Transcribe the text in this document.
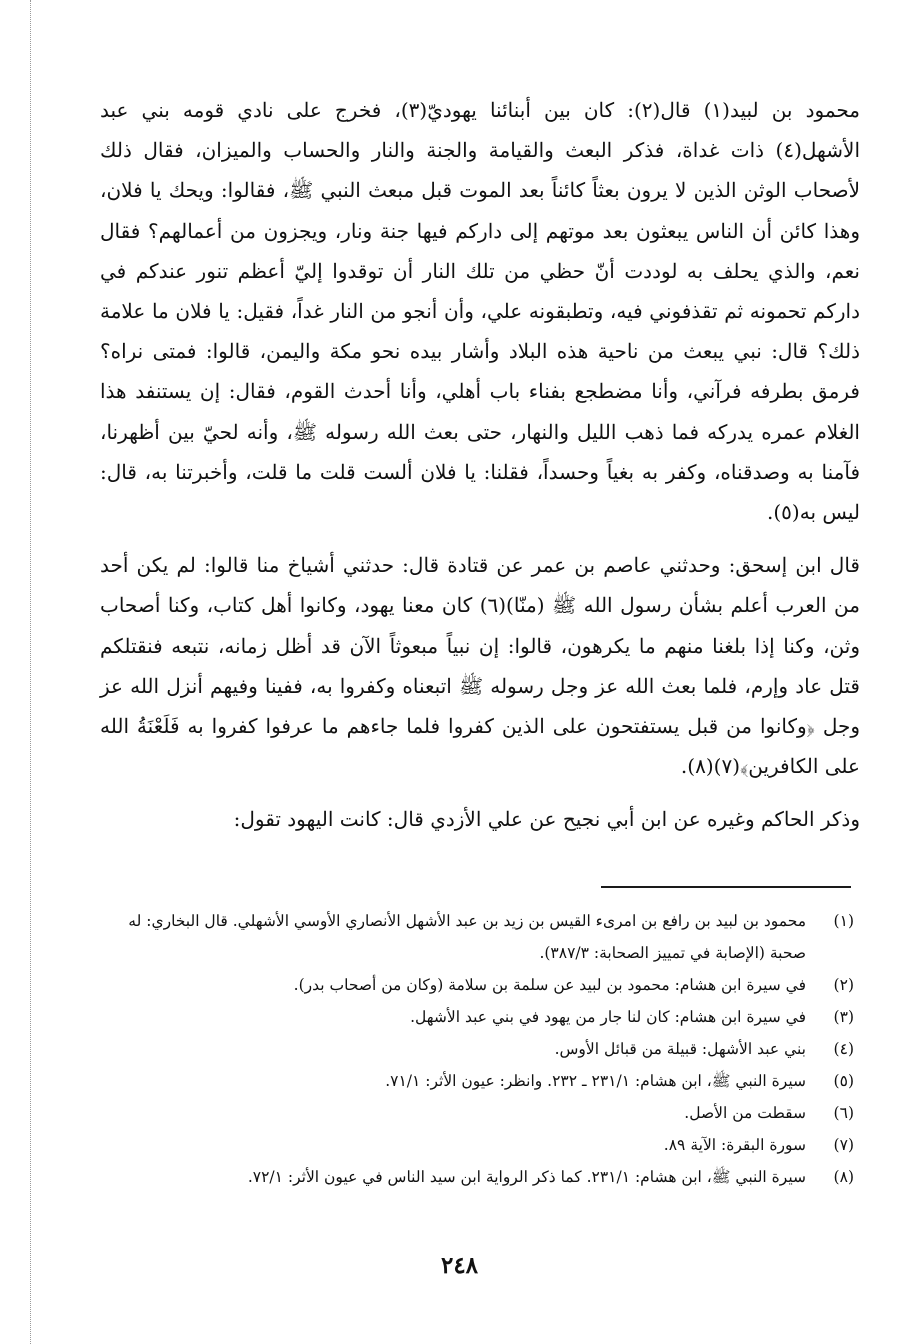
محمود بن لبيد(١) قال(٢): كان بين أبنائنا يهوديّ(٣)، فخرج على نادي قومه بني عبد الأشهل(٤) ذات غداة، فذكر البعث والقيامة والجنة والنار والحساب والميزان، فقال ذلك لأصحاب الوثن الذين لا يرون بعثاً كائناً بعد الموت قبل مبعث النبي ﷺ، فقالوا: ويحك يا فلان، وهذا كائن أن الناس يبعثون بعد موتهم إلى داركم فيها جنة ونار، ويجزون من أعمالهم؟ فقال نعم، والذي يحلف به لوددت أنّ حظي من تلك النار أن توقدوا إليّ أعظم تنور عندكم في داركم تحمونه ثم تقذفوني فيه، وتطبقونه علي، وأن أنجو من النار غداً، فقيل: يا فلان ما علامة ذلك؟ قال: نبي يبعث من ناحية هذه البلاد وأشار بيده نحو مكة واليمن، قالوا: فمتى نراه؟ فرمق بطرفه فرآني، وأنا مضطجع بفناء باب أهلي، وأنا أحدث القوم، فقال: إن يستنفد هذا الغلام عمره يدركه فما ذهب الليل والنهار، حتى بعث الله رسوله ﷺ، وأنه لحيّ بين أظهرنا، فآمنا به وصدقناه، وكفر به بغياً وحسداً، فقلنا: يا فلان ألست قلت ما قلت، وأخبرتنا به، قال: ليس به(٥).

قال ابن إسحق: وحدثني عاصم بن عمر عن قتادة قال: حدثني أشياخ منا قالوا: لم يكن أحد من العرب أعلم بشأن رسول الله ﷺ (منّا)(٦) كان معنا يهود، وكانوا أهل كتاب، وكنا أصحاب وثن، وكنا إذا بلغنا منهم ما يكرهون، قالوا: إن نبياً مبعوثاً الآن قد أظل زمانه، نتبعه فنقتلكم قتل عاد وإرم، فلما بعث الله عز وجل رسوله ﷺ اتبعناه وكفروا به، ففينا وفيهم أنزل الله عز وجل ﴿وكانوا من قبل يستفتحون على الذين كفروا فلما جاءهم ما عرفوا كفروا به فَلَعْنَةُ الله على الكافرين﴾(٧)(٨).

وذكر الحاكم وغيره عن ابن أبي نجيح عن علي الأزدي قال: كانت اليهود تقول:

(١)
محمود بن لبيد بن رافع بن امرىء القيس بن زيد بن عبد الأشهل الأنصاري الأوسي الأشهلي. قال البخاري: له صحبة (الإصابة في تمييز الصحابة: ٣٨٧/٣).
(٢)
في سيرة ابن هشام: محمود بن لبيد عن سلمة بن سلامة (وكان من أصحاب بدر).
(٣)
في سيرة ابن هشام: كان لنا جار من يهود في بني عبد الأشهل.
(٤)
بني عبد الأشهل: قبيلة من قبائل الأوس.
(٥)
سيرة النبي ﷺ، ابن هشام: ٢٣١/١ ـ ٢٣٢. وانظر: عيون الأثر: ٧١/١.
(٦)
سقطت من الأصل.
(٧)
سورة البقرة: الآية ٨٩.
(٨)
سيرة النبي ﷺ، ابن هشام: ٢٣١/١. كما ذكر الرواية ابن سيد الناس في عيون الأثر: ٧٢/١.
٢٤٨
